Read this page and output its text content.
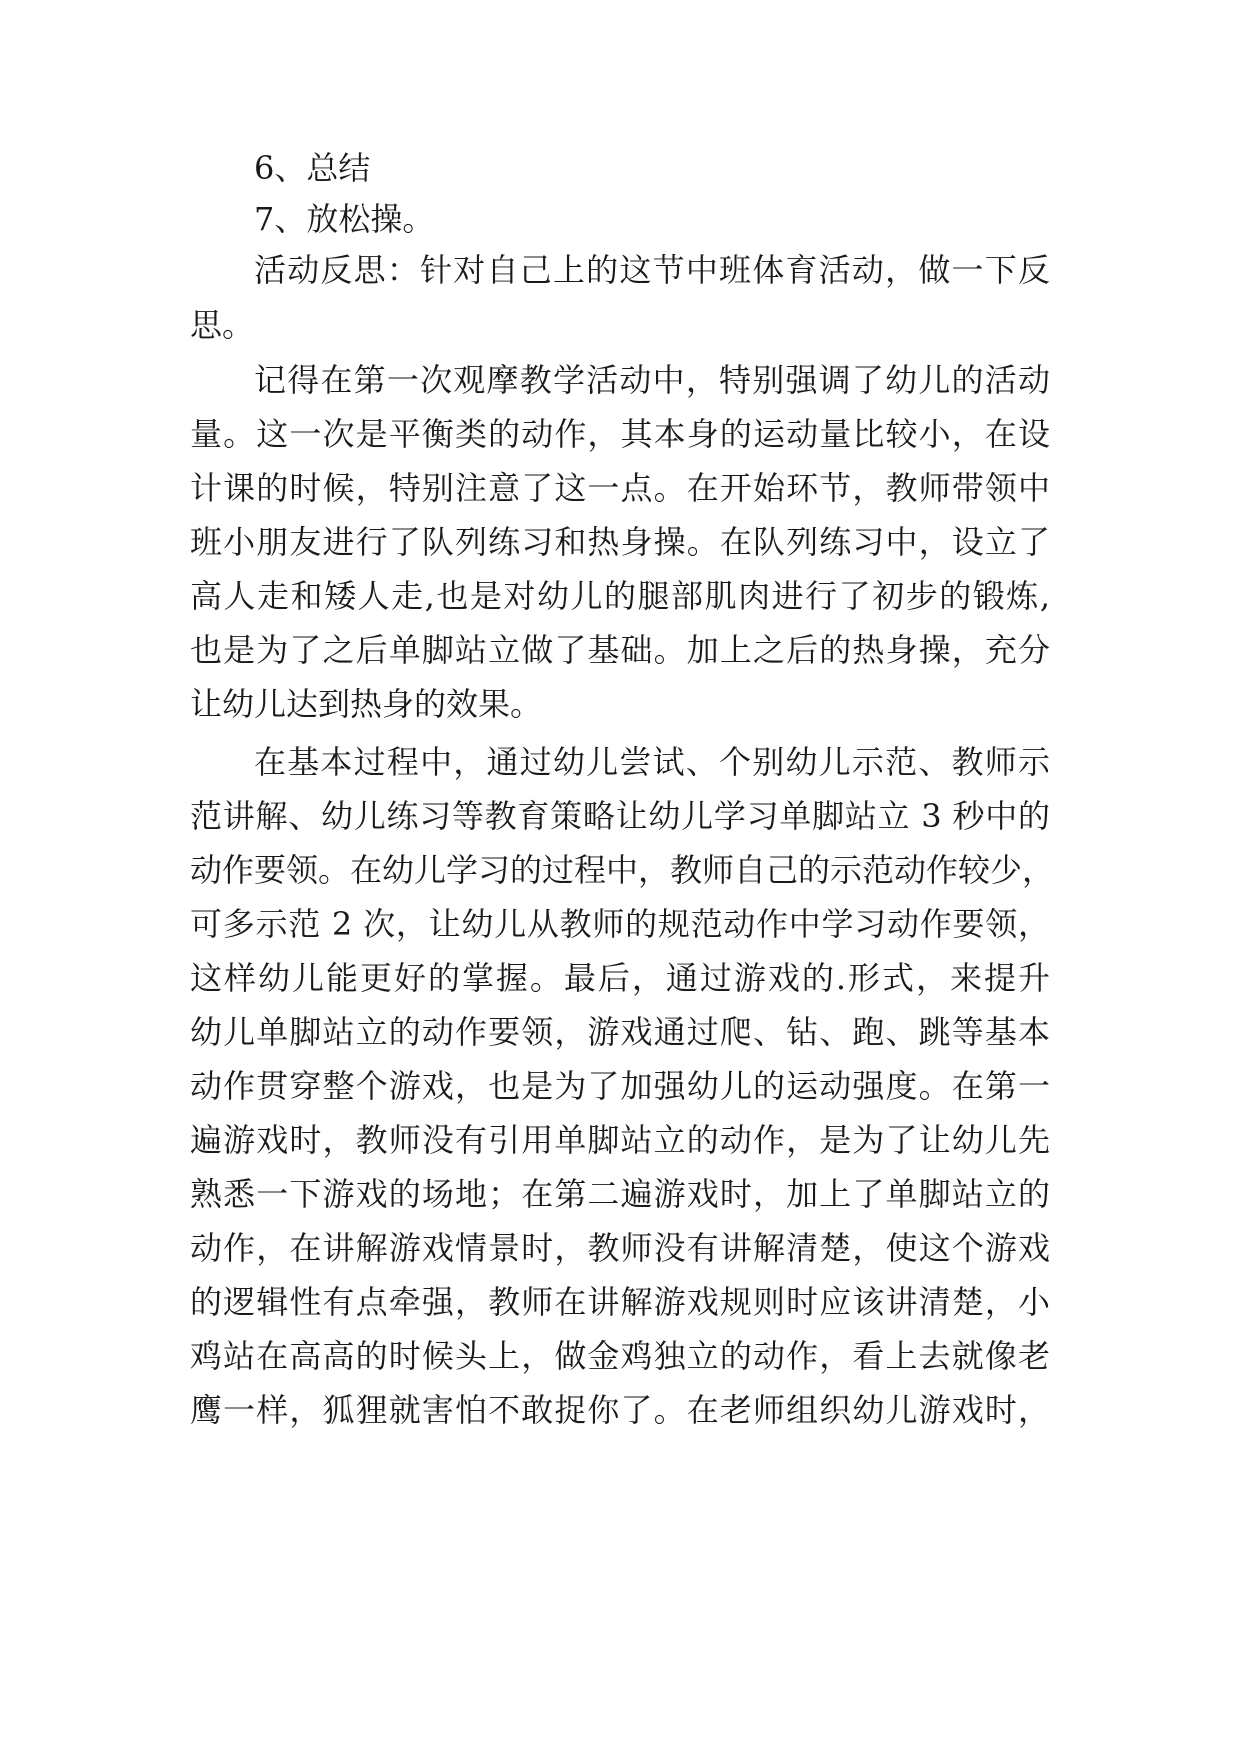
6、总结
7、放松操。
活动反思：针对自己上的这节中班体育活动，做一下反
思。
记得在第一次观摩教学活动中，特别强调了幼儿的活动
量。这一次是平衡类的动作，其本身的运动量比较小，在设
计课的时候，特别注意了这一点。在开始环节，教师带领中
班小朋友进行了队列练习和热身操。在队列练习中，设立了
高人走和矮人走,也是对幼儿的腿部肌肉进行了初步的锻炼,
也是为了之后单脚站立做了基础。加上之后的热身操，充分
让幼儿达到热身的效果。
在基本过程中，通过幼儿尝试、个别幼儿示范、教师示
范讲解、幼儿练习等教育策略让幼儿学习单脚站立 3 秒中的
动作要领。在幼儿学习的过程中，教师自己的示范动作较少，
可多示范 2 次，让幼儿从教师的规范动作中学习动作要领，
这样幼儿能更好的掌握。最后，通过游戏的.形式，来提升
幼儿单脚站立的动作要领，游戏通过爬、钻、跑、跳等基本
动作贯穿整个游戏，也是为了加强幼儿的运动强度。在第一
遍游戏时，教师没有引用单脚站立的动作，是为了让幼儿先
熟悉一下游戏的场地；在第二遍游戏时，加上了单脚站立的
动作，在讲解游戏情景时，教师没有讲解清楚，使这个游戏
的逻辑性有点牵强，教师在讲解游戏规则时应该讲清楚，小
鸡站在高高的时候头上，做金鸡独立的动作，看上去就像老
鹰一样，狐狸就害怕不敢捉你了。在老师组织幼儿游戏时，
